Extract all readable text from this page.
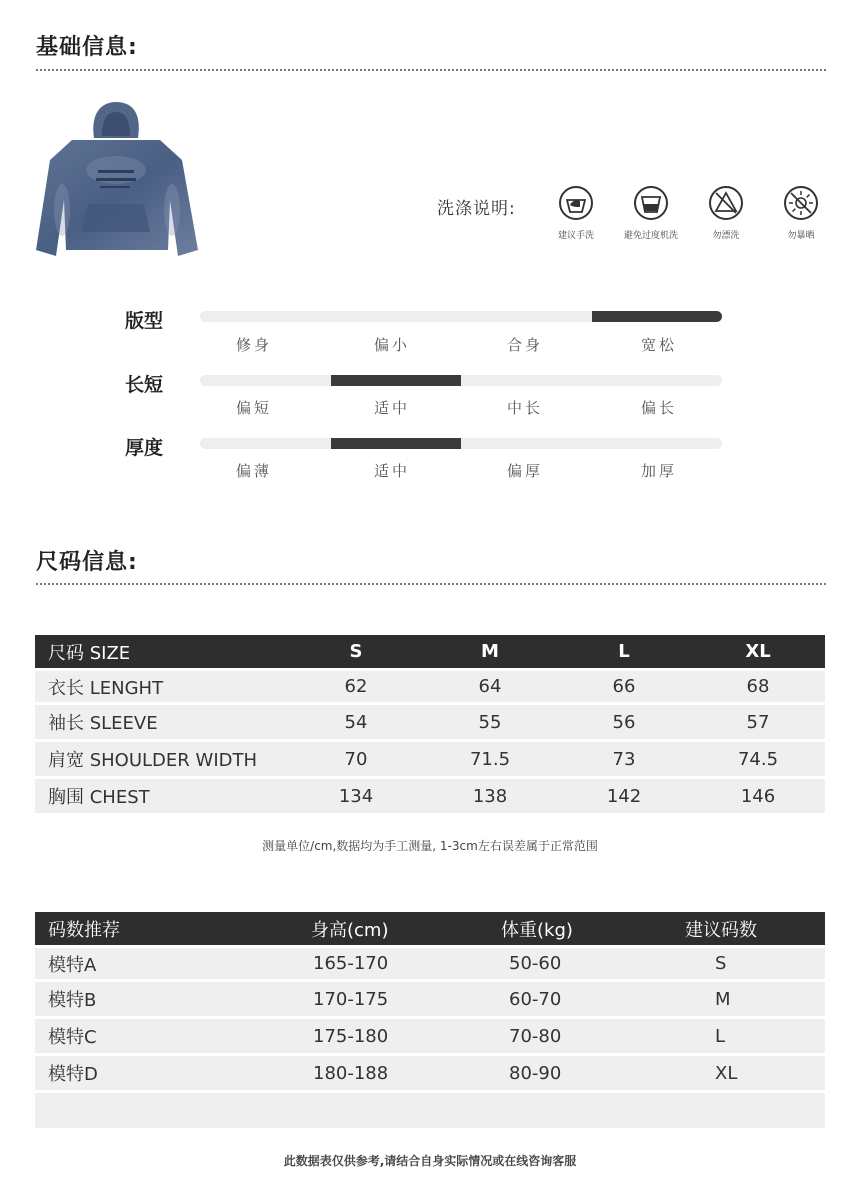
基础信息:
洗涤说明:
建议手洗	避免过度机洗	勿漂洗	勿暴晒
版型
修身	偏小	合身	宽松
长短
偏短	适中	中长	偏长
厚度
偏薄	适中	偏厚	加厚
尺码信息:
尺码 SIZE	S	M	L	XL
衣长 LENGHT	62	64	66	68
袖长 SLEEVE	54	55	56	57
肩宽 SHOULDER WIDTH	70	71.5	73	74.5
胸围 CHEST	134	138	142	146
测量单位/cm,数据均为手工测量, 1-3cm左右误差属于正常范围
码数推荐	身高(cm)	体重(kg)	建议码数
模特A	165-170	50-60	S
模特B	170-175	60-70	M
模特C	175-180	70-80	L
模特D	180-188	80-90	XL

此数据表仅供参考,请结合自身实际情况或在线咨询客服
